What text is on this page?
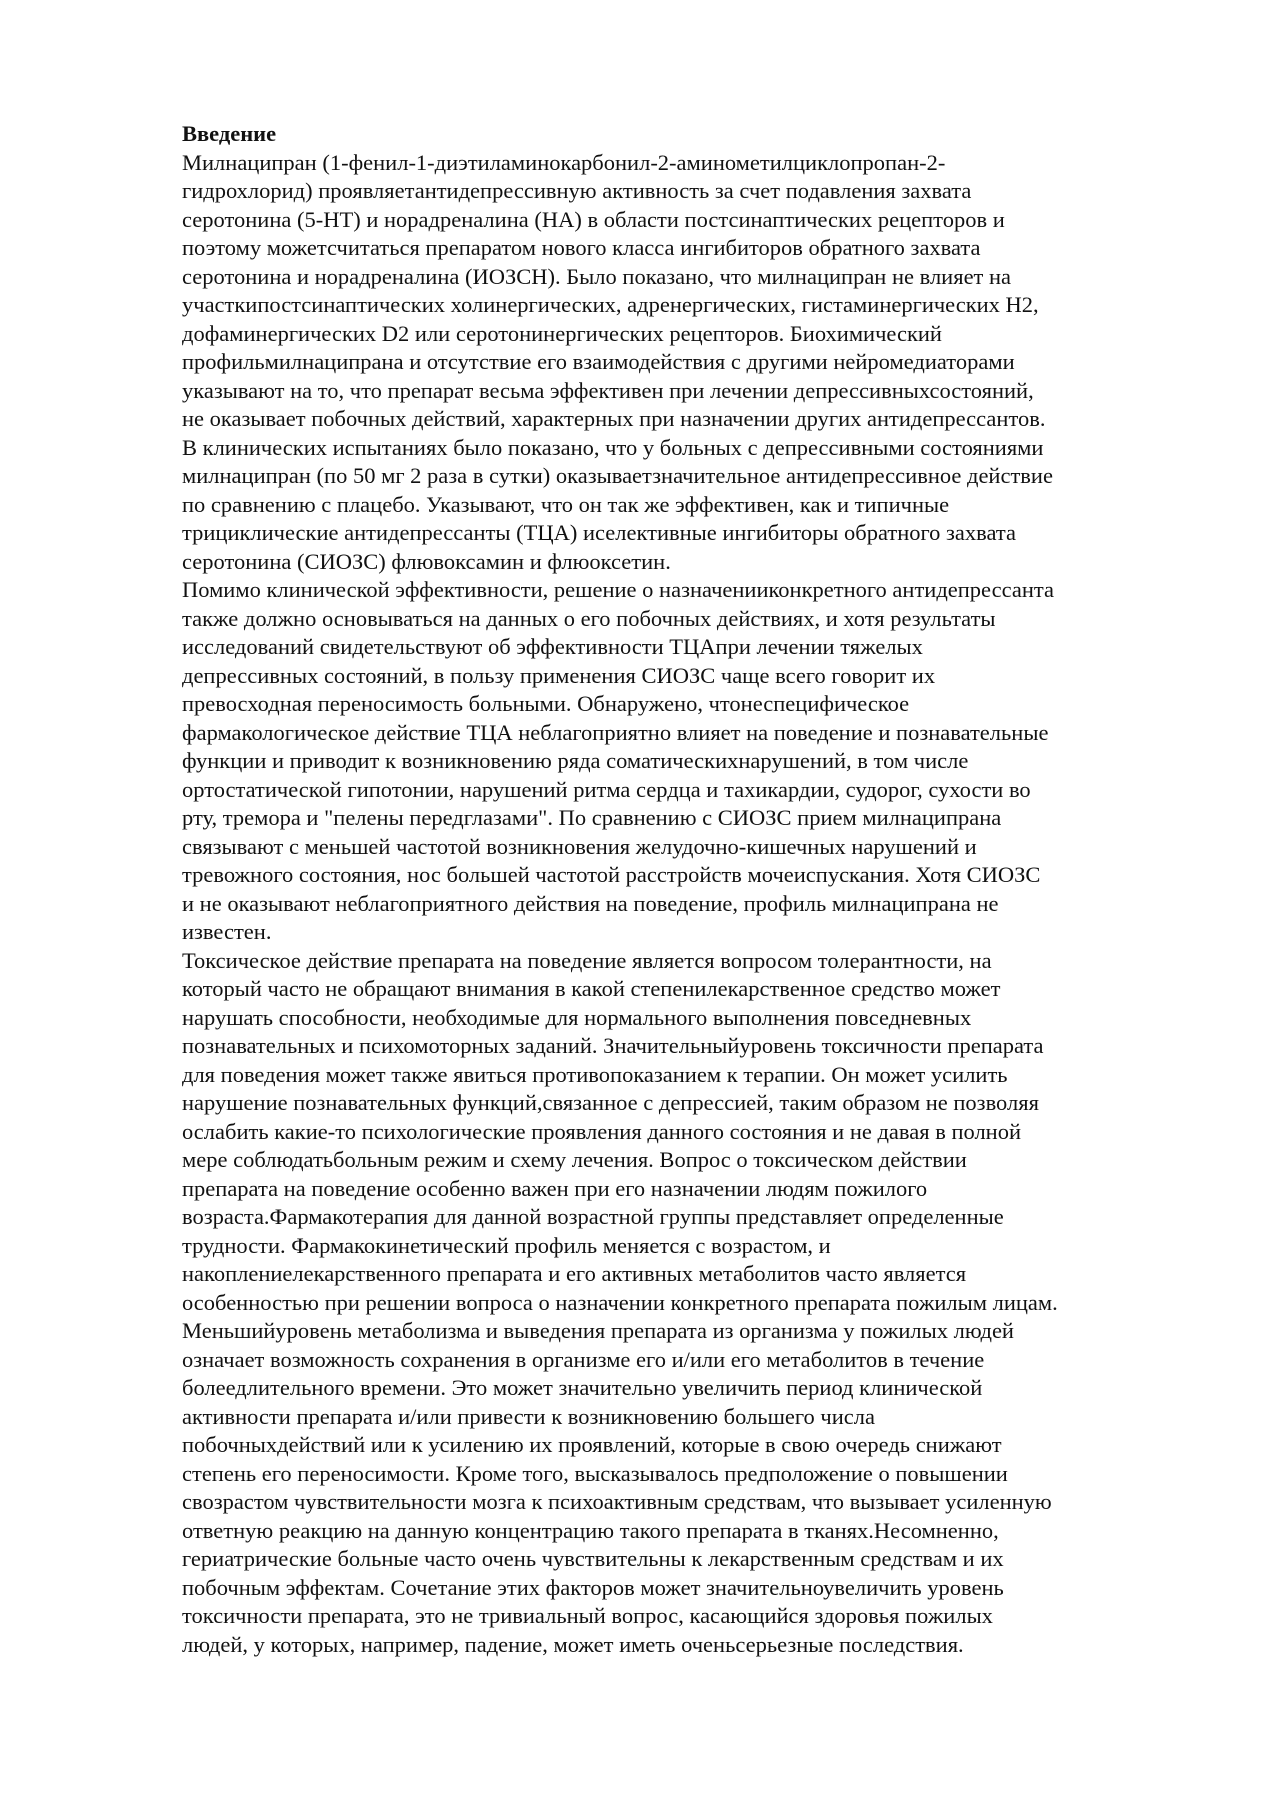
Введение
Милнаципран (1-фенил-1-диэтиламинокарбонил-2-аминометилциклопропан-2-
гидрохлорид) проявляетантидепрессивную активность за счет подавления захвата
серотонина (5-НТ) и норадреналина (НА) в области постсинаптических рецепторов и
поэтому можетсчитаться препаратом нового класса ингибиторов обратного захвата
серотонина и норадреналина (ИОЗСН). Было показано, что милнаципран не влияет на
участкипостсинаптических холинергических, адренергических, гистаминергических Н2,
дофаминергических D2 или серотонинергических рецепторов. Биохимический
профильмилнаципрана и отсутствие его взаимодействия с другими нейромедиаторами
указывают на то, что препарат весьма эффективен при лечении депрессивныхсостояний,
не оказывает побочных действий, характерных при назначении других антидепрессантов.
В клинических испытаниях было показано, что у больных с депрессивными состояниями
милнаципран (по 50 мг 2 раза в сутки) оказываетзначительное антидепрессивное действие
по сравнению с плацебо. Указывают, что он так же эффективен, как и типичные
трициклические антидепрессанты (ТЦА) иселективные ингибиторы обратного захвата
серотонина (СИОЗС) флювоксамин и флюоксетин.
Помимо клинической эффективности, решение о назначенииконкретного антидепрессанта
также должно основываться на данных о его побочных действиях, и хотя результаты
исследований свидетельствуют об эффективности ТЦАпри лечении тяжелых
депрессивных состояний, в пользу применения СИОЗС чаще всего говорит их
превосходная переносимость больными. Обнаружено, чтонеспецифическое
фармакологическое действие ТЦА неблагоприятно влияет на поведение и познавательные
функции и приводит к возникновению ряда соматическихнарушений, в том числе
ортостатической гипотонии, нарушений ритма сердца и тахикардии, судорог, сухости во
рту, тремора и "пелены передглазами". По сравнению с СИОЗС прием милнаципрана
связывают с меньшей частотой возникновения желудочно-кишечных нарушений и
тревожного состояния, нос большей частотой расстройств мочеиспускания. Хотя СИОЗС
и не оказывают неблагоприятного действия на поведение, профиль милнаципрана не
известен.
Токсическое действие препарата на поведение является вопросом толерантности, на
который часто не обращают внимания в какой степенилекарственное средство может
нарушать способности, необходимые для нормального выполнения повседневных
познавательных и психомоторных заданий. Значительныйуровень токсичности препарата
для поведения может также явиться противопоказанием к терапии. Он может усилить
нарушение познавательных функций,связанное с депрессией, таким образом не позволяя
ослабить какие-то психологические проявления данного состояния и не давая в полной
мере соблюдатьбольным режим и схему лечения. Вопрос о токсическом действии
препарата на поведение особенно важен при его назначении людям пожилого
возраста.Фармакотерапия для данной возрастной группы представляет определенные
трудности. Фармакокинетический профиль меняется с возрастом, и
накоплениелекарственного препарата и его активных метаболитов часто является
особенностью при решении вопроса о назначении конкретного препарата пожилым лицам.
Меньшийуровень метаболизма и выведения препарата из организма у пожилых людей
означает возможность сохранения в организме его и/или его метаболитов в течение
болеедлительного времени. Это может значительно увеличить период клинической
активности препарата и/или привести к возникновению большего числа
побочныхдействий или к усилению их проявлений, которые в свою очередь снижают
степень его переносимости. Кроме того, высказывалось предположение о повышении
свозрастом чувствительности мозга к психоактивным средствам, что вызывает усиленную
ответную реакцию на данную концентрацию такого препарата в тканях.Несомненно,
гериатрические больные часто очень чувствительны к лекарственным средствам и их
побочным эффектам. Сочетание этих факторов может значительноувеличить уровень
токсичности препарата, это не тривиальный вопрос, касающийся здоровья пожилых
людей, у которых, например, падение, может иметь оченьсерьезные последствия.
